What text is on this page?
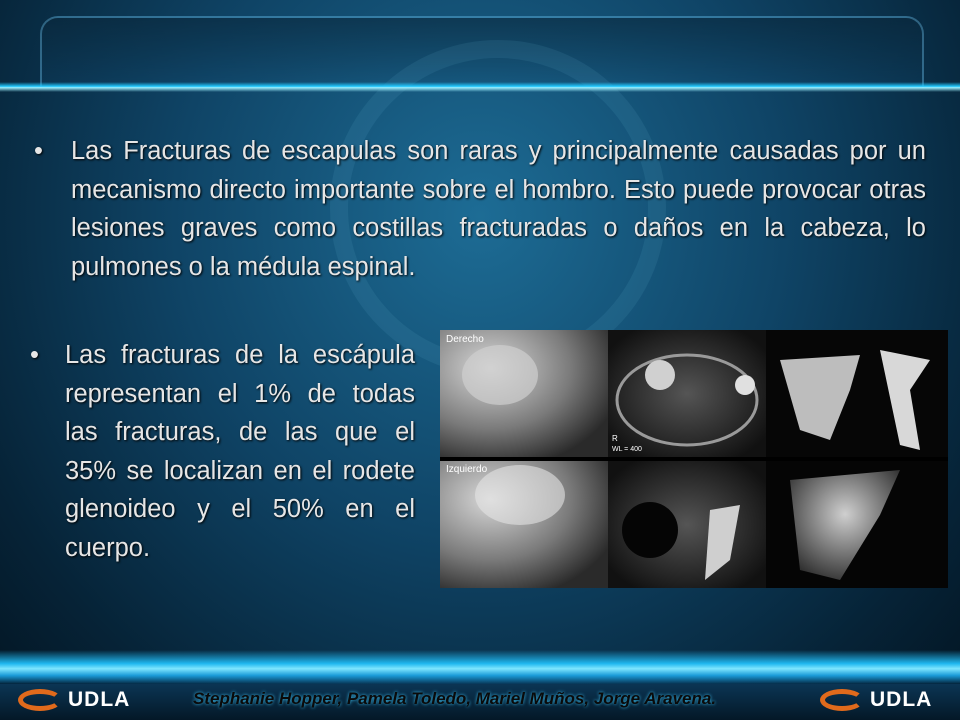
• Las Fracturas de escapulas son raras y principalmente causadas por un mecanismo directo importante sobre el hombro. Esto puede provocar otras lesiones graves como costillas fracturadas o daños en la cabeza, lo pulmones o la médula espinal.

• Las fracturas de la escápula representan el 1% de todas las fracturas, de las que el 35% se localizan en el rodete glenoideo y el 50% en el cuerpo.

Derecho
Izquierdo
R
WL = 400
UDLA	UDLA
Stephanie Hopper, Pamela Toledo, Mariel Muños, Jorge Aravena.
